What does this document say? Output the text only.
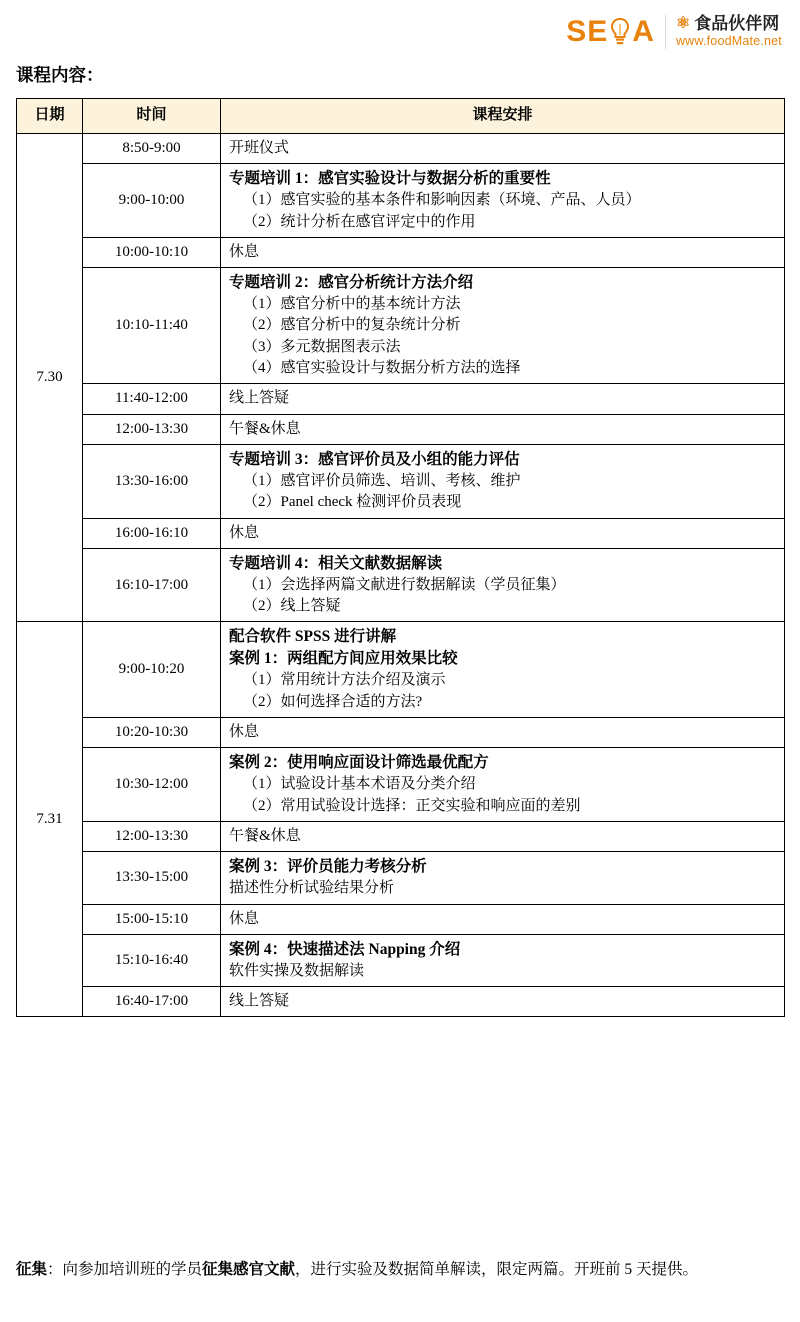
SE A ⚛ 食品伙伴网
www.foodMate.net
课程内容：
日期	时间	课程安排
7.30	8:50-9:00	开班仪式

	9:00-10:00	专题培训 1：感官实验设计与数据分析的重要性
（1）感官实验的基本条件和影响因素（环境、产品、人员）
（2）统计分析在感官评定中的作用

	10:00-10:10	休息

	10:10-11:40	专题培训 2：感官分析统计方法介绍
（1）感官分析中的基本统计方法
（2）感官分析中的复杂统计分析
（3）多元数据图表示法
（4）感官实验设计与数据分析方法的选择

	11:40-12:00	线上答疑

	12:00-13:30	午餐&休息

	13:30-16:00	专题培训 3：感官评价员及小组的能力评估
（1）感官评价员筛选、培训、考核、维护
（2）Panel check 检测评价员表现

	16:00-16:10	休息

	16:10-17:00	专题培训 4：相关文献数据解读
（1）会选择两篇文献进行数据解读（学员征集）
（2）线上答疑

7.31	9:00-10:20	配合软件 SPSS 进行讲解
案例 1：两组配方间应用效果比较
（1）常用统计方法介绍及演示
（2）如何选择合适的方法?

	10:20-10:30	休息

	10:30-12:00	案例 2：使用响应面设计筛选最优配方
（1）试验设计基本术语及分类介绍
（2）常用试验设计选择：正交实验和响应面的差别

	12:00-13:30	午餐&休息

	13:30-15:00	案例 3：评价员能力考核分析
描述性分析试验结果分析

	15:00-15:10	休息

	15:10-16:40	案例 4：快速描述法 Napping 介绍
软件实操及数据解读

	16:40-17:00	线上答疑
征集：向参加培训班的学员征集感官文献，进行实验及数据简单解读，限定两篇。开班前 5 天提供。
